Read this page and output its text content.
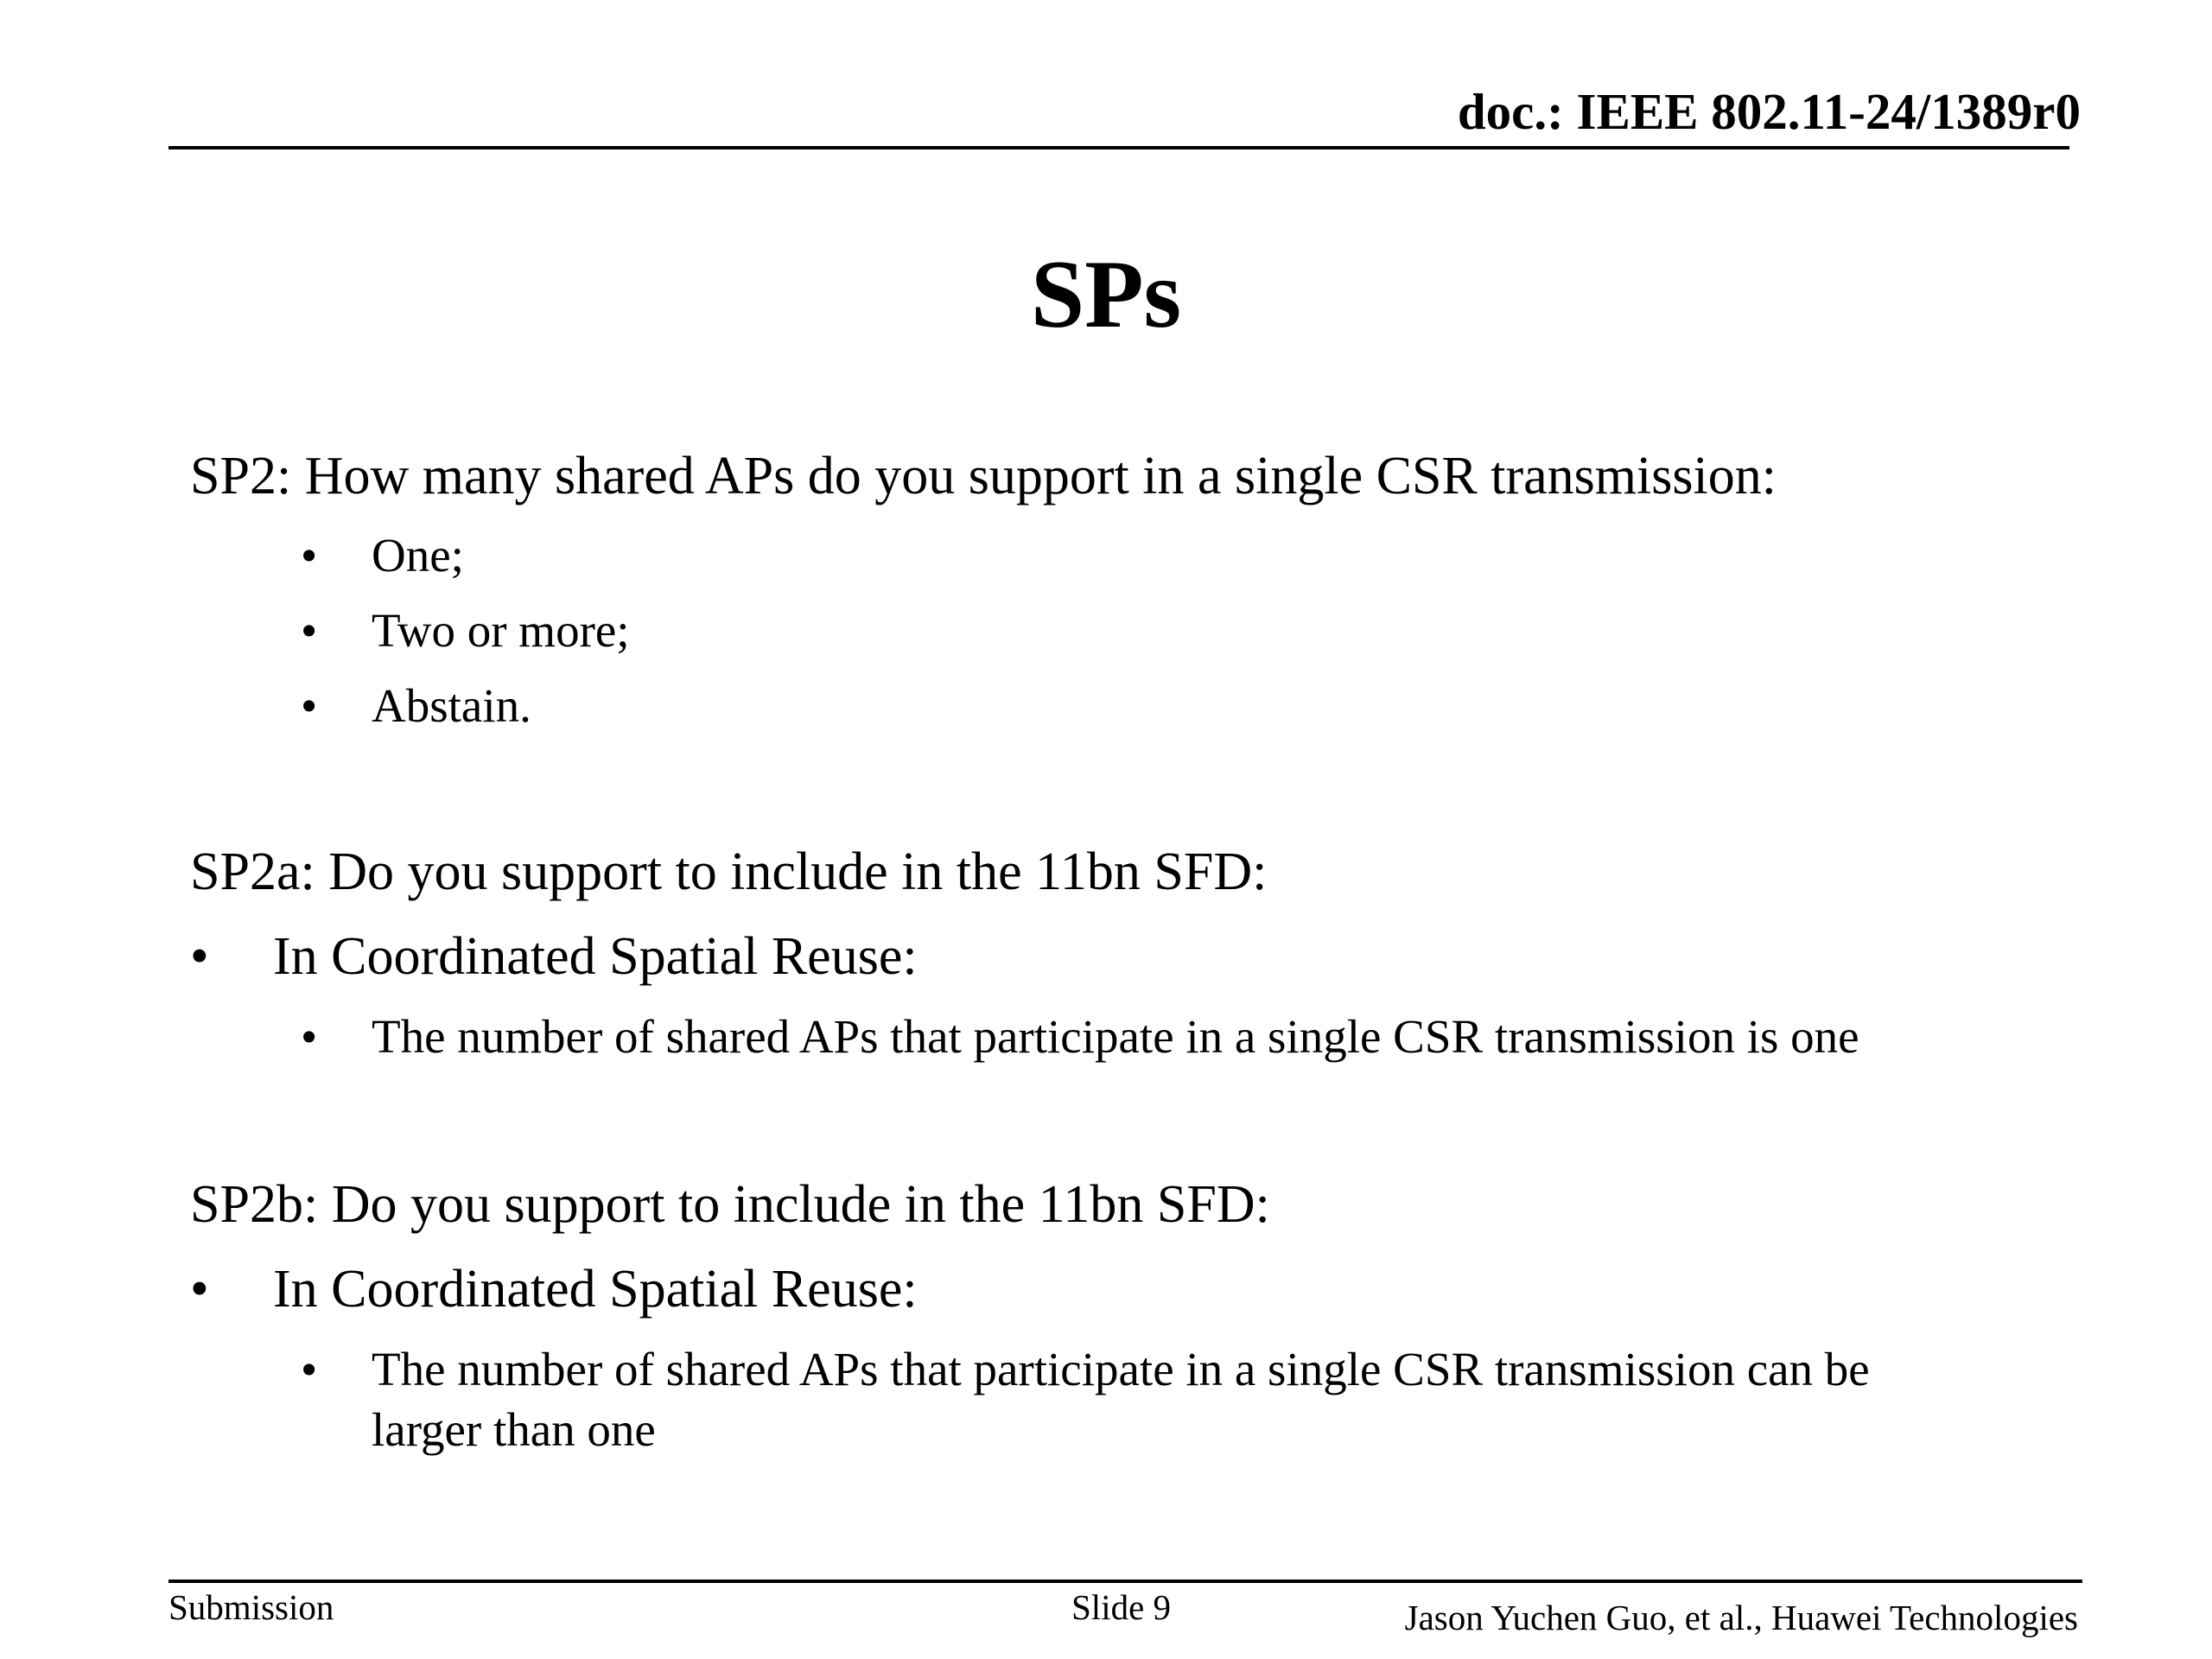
doc.: IEEE 802.11-24/1389r0
SPs
SP2: How many shared APs do you support in a single CSR transmission:
• One;
• Two or more;
• Abstain.
SP2a: Do you support to include in the 11bn SFD:
• In Coordinated Spatial Reuse:
• The number of shared APs that participate in a single CSR transmission is one
SP2b: Do you support to include in the 11bn SFD:
• In Coordinated Spatial Reuse:
• The number of shared APs that participate in a single CSR transmission can be
larger than one
Submission	Slide 9	Jason Yuchen Guo, et al., Huawei Technologies
